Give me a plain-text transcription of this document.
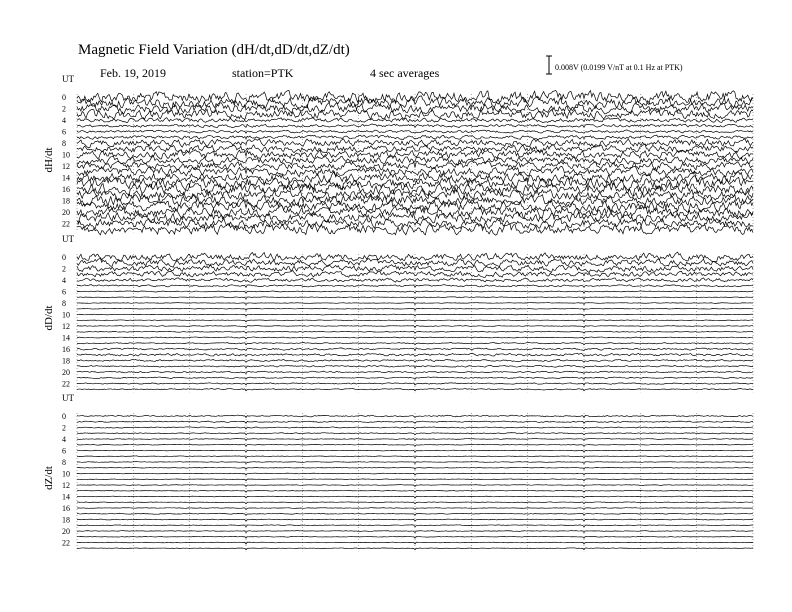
Magnetic Field Variation (dH/dt,dD/dt,dZ/dt)
Feb. 19, 2019	station=PTK	4 sec averages	0.008V (0.0199 V/nT at 0.1 Hz at PTK)
UT
dH/dt
0
2
4
6
8
10
12
14
16
18
20
22
UT
dD/dt
0
2
4
6
8
10
12
14
16
18
20
22
UT
dZ/dt
0
2
4
6
8
10
12
14
16
18
20
22
